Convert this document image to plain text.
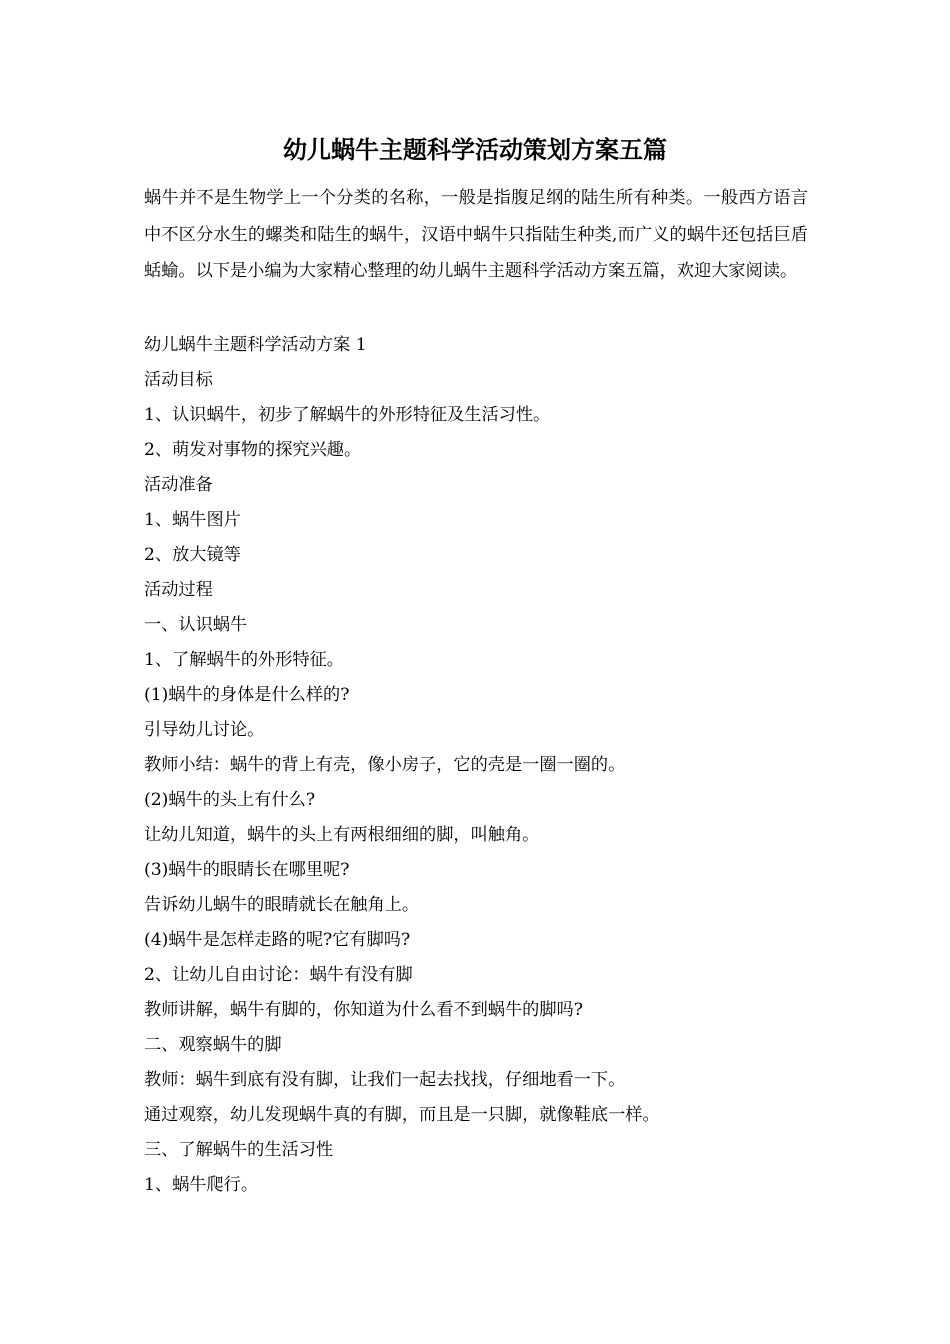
幼儿蜗牛主题科学活动策划方案五篇

蜗牛并不是生物学上一个分类的名称，一般是指腹足纲的陆生所有种类。一般西方语言中不区分水生的螺类和陆生的蜗牛，汉语中蜗牛只指陆生种类,而广义的蜗牛还包括巨盾蛞蝓。以下是小编为大家精心整理的幼儿蜗牛主题科学活动方案五篇，欢迎大家阅读。

幼儿蜗牛主题科学活动方案 1
活动目标
1、认识蜗牛，初步了解蜗牛的外形特征及生活习性。
2、萌发对事物的探究兴趣。
活动准备
1、蜗牛图片
2、放大镜等
活动过程
一、认识蜗牛
1、了解蜗牛的外形特征。
(1)蜗牛的身体是什么样的?
引导幼儿讨论。
教师小结：蜗牛的背上有壳，像小房子，它的壳是一圈一圈的。
(2)蜗牛的头上有什么?
让幼儿知道，蜗牛的头上有两根细细的脚，叫触角。
(3)蜗牛的眼睛长在哪里呢?
告诉幼儿蜗牛的眼睛就长在触角上。
(4)蜗牛是怎样走路的呢?它有脚吗?
2、让幼儿自由讨论：蜗牛有没有脚
教师讲解，蜗牛有脚的，你知道为什么看不到蜗牛的脚吗?
二、观察蜗牛的脚
教师：蜗牛到底有没有脚，让我们一起去找找，仔细地看一下。
通过观察，幼儿发现蜗牛真的有脚，而且是一只脚，就像鞋底一样。
三、了解蜗牛的生活习性
1、蜗牛爬行。
